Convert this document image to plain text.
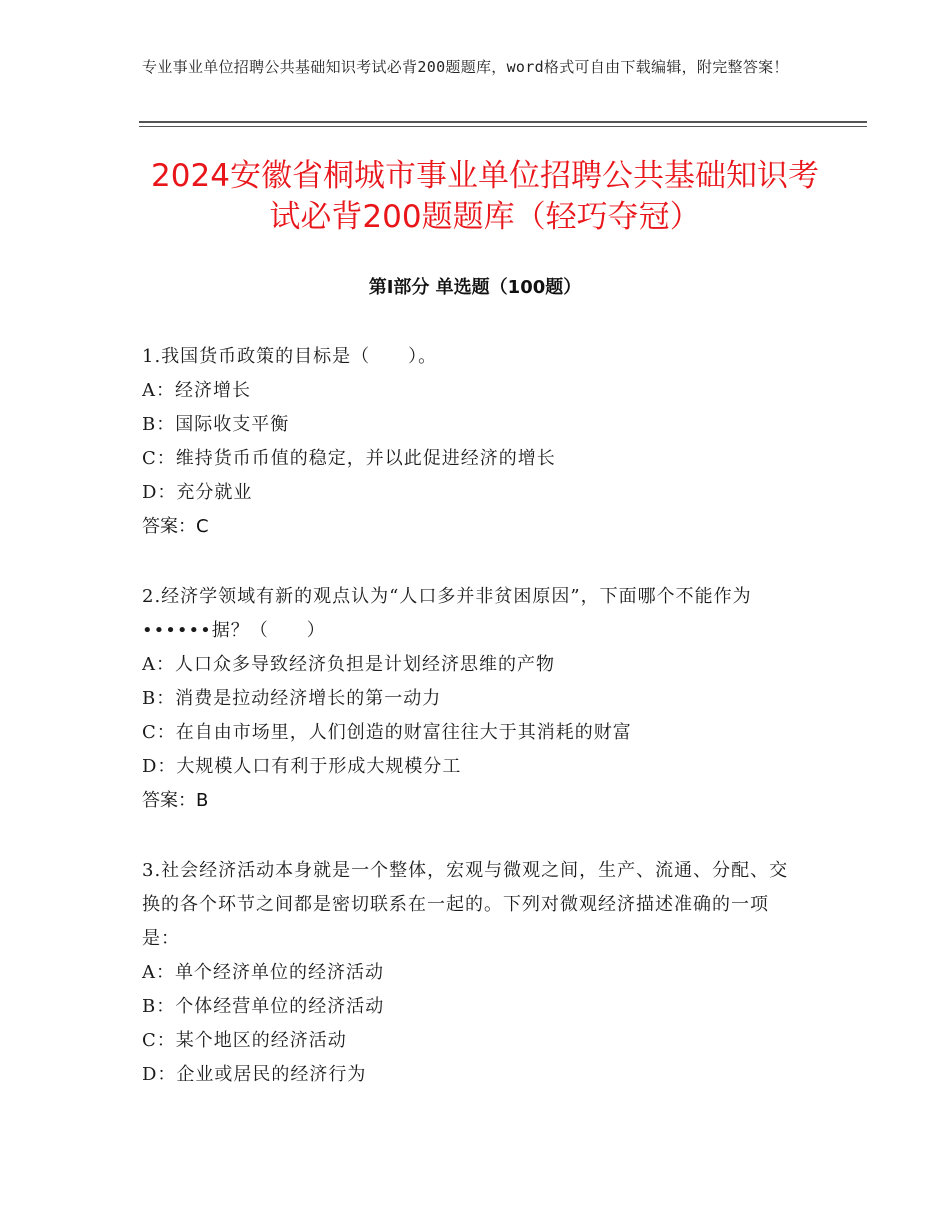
专业事业单位招聘公共基础知识考试必背200题题库，word格式可自由下载编辑，附完整答案！
2024安徽省桐城市事业单位招聘公共基础知识考试必背200题题库（轻巧夺冠）
第Ⅰ部分 单选题（100题）

1.我国货币政策的目标是（　　）。

A：经济增长

B：国际收支平衡

C：维持货币币值的稳定，并以此促进经济的增长

D：充分就业

答案：C

2.经济学领域有新的观点认为“人口多并非贫困原因”，下面哪个不能作为••••••据？（　　）

A：人口众多导致经济负担是计划经济思维的产物

B：消费是拉动经济增长的第一动力

C：在自由市场里，人们创造的财富往往大于其消耗的财富

D：大规模人口有利于形成大规模分工

答案：B

3.社会经济活动本身就是一个整体，宏观与微观之间，生产、流通、分配、交换的各个环节之间都是密切联系在一起的。下列对微观经济描述准确的一项是：

A：单个经济单位的经济活动

B：个体经营单位的经济活动

C：某个地区的经济活动

D：企业或居民的经济行为
